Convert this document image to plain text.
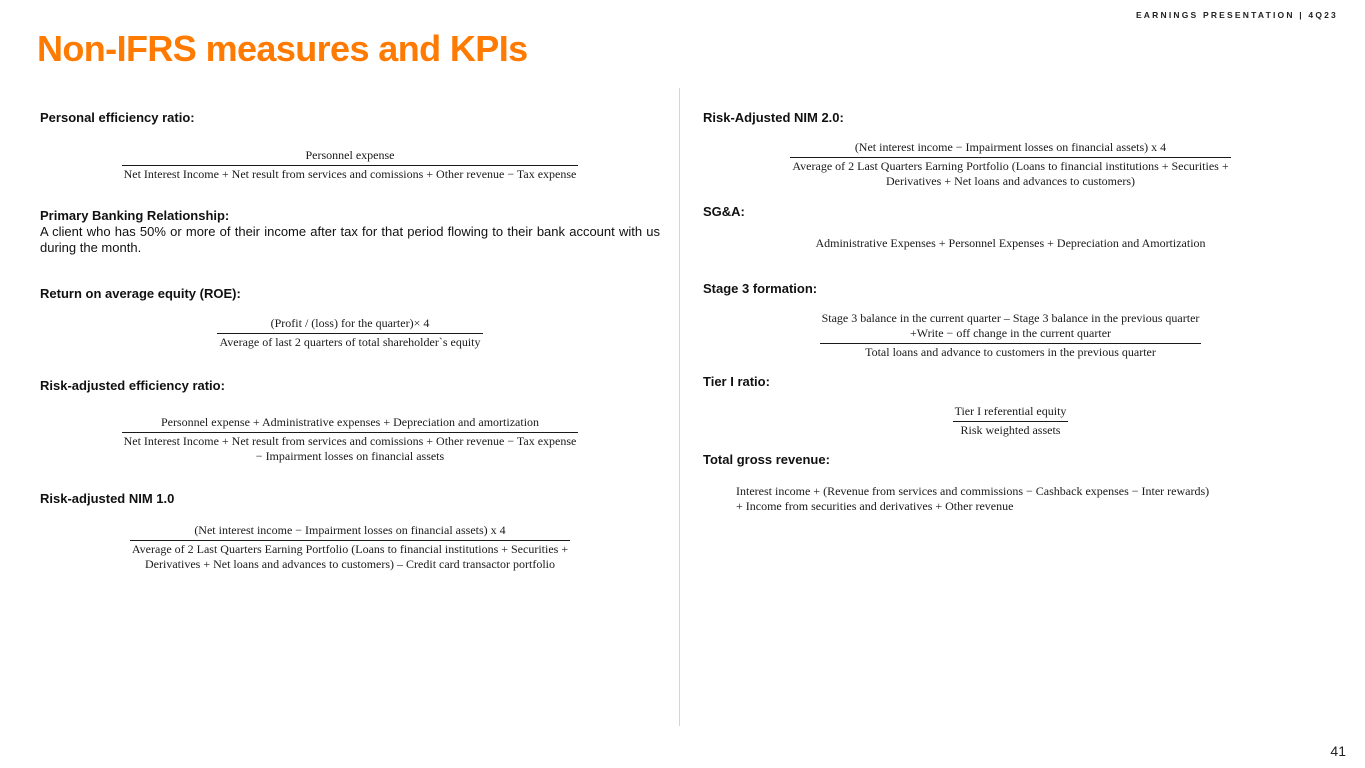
EARNINGS PRESENTATION | 4Q23
Non-IFRS measures and KPIs
Personal efficiency ratio:
Personnel expense
Net Interest Income + Net result from services and comissions + Other revenue − Tax expense
Primary Banking Relationship:
A client who has 50% or more of their income after tax for that period flowing to their bank account with us during the month.
Return on average equity (ROE):
$\frac{\text{(Profit / (loss) for the quarter)× 4}}{\text{Average of last 2 quarters of total shareholder`s equity}}$
Risk-adjusted efficiency ratio:
Personnel expense + Administrative expenses + Depreciation and amortization
Net Interest Income + Net result from services and comissions + Other revenue − Tax expense
− Impairment losses on financial assets
Risk-adjusted NIM 1.0
(Net interest income − Impairment losses on financial assets) x 4
Average of 2 Last Quarters Earning Portfolio (Loans to financial institutions + Securities +
Derivatives + Net loans and advances to customers) – Credit card transactor portfolio
Risk-Adjusted NIM 2.0:
(Net interest income − Impairment losses on financial assets) x 4
Average of 2 Last Quarters Earning Portfolio (Loans to financial institutions + Securities +
Derivatives + Net loans and advances to customers)
SG&A:
Administrative Expenses + Personnel Expenses + Depreciation and Amortization
Stage 3 formation:
Stage 3 balance in the current quarter – Stage 3 balance in the previous quarter
+Write − off change in the current quarter
Total loans and advance to customers in the previous quarter
Tier I ratio:
$\frac{\text{Tier I referential equity}}{\text{Risk weighted assets}}$
Total gross revenue:
Interest income + (Revenue from services and commissions − Cashback expenses − Inter rewards)
+ Income from securities and derivatives + Other revenue
41
